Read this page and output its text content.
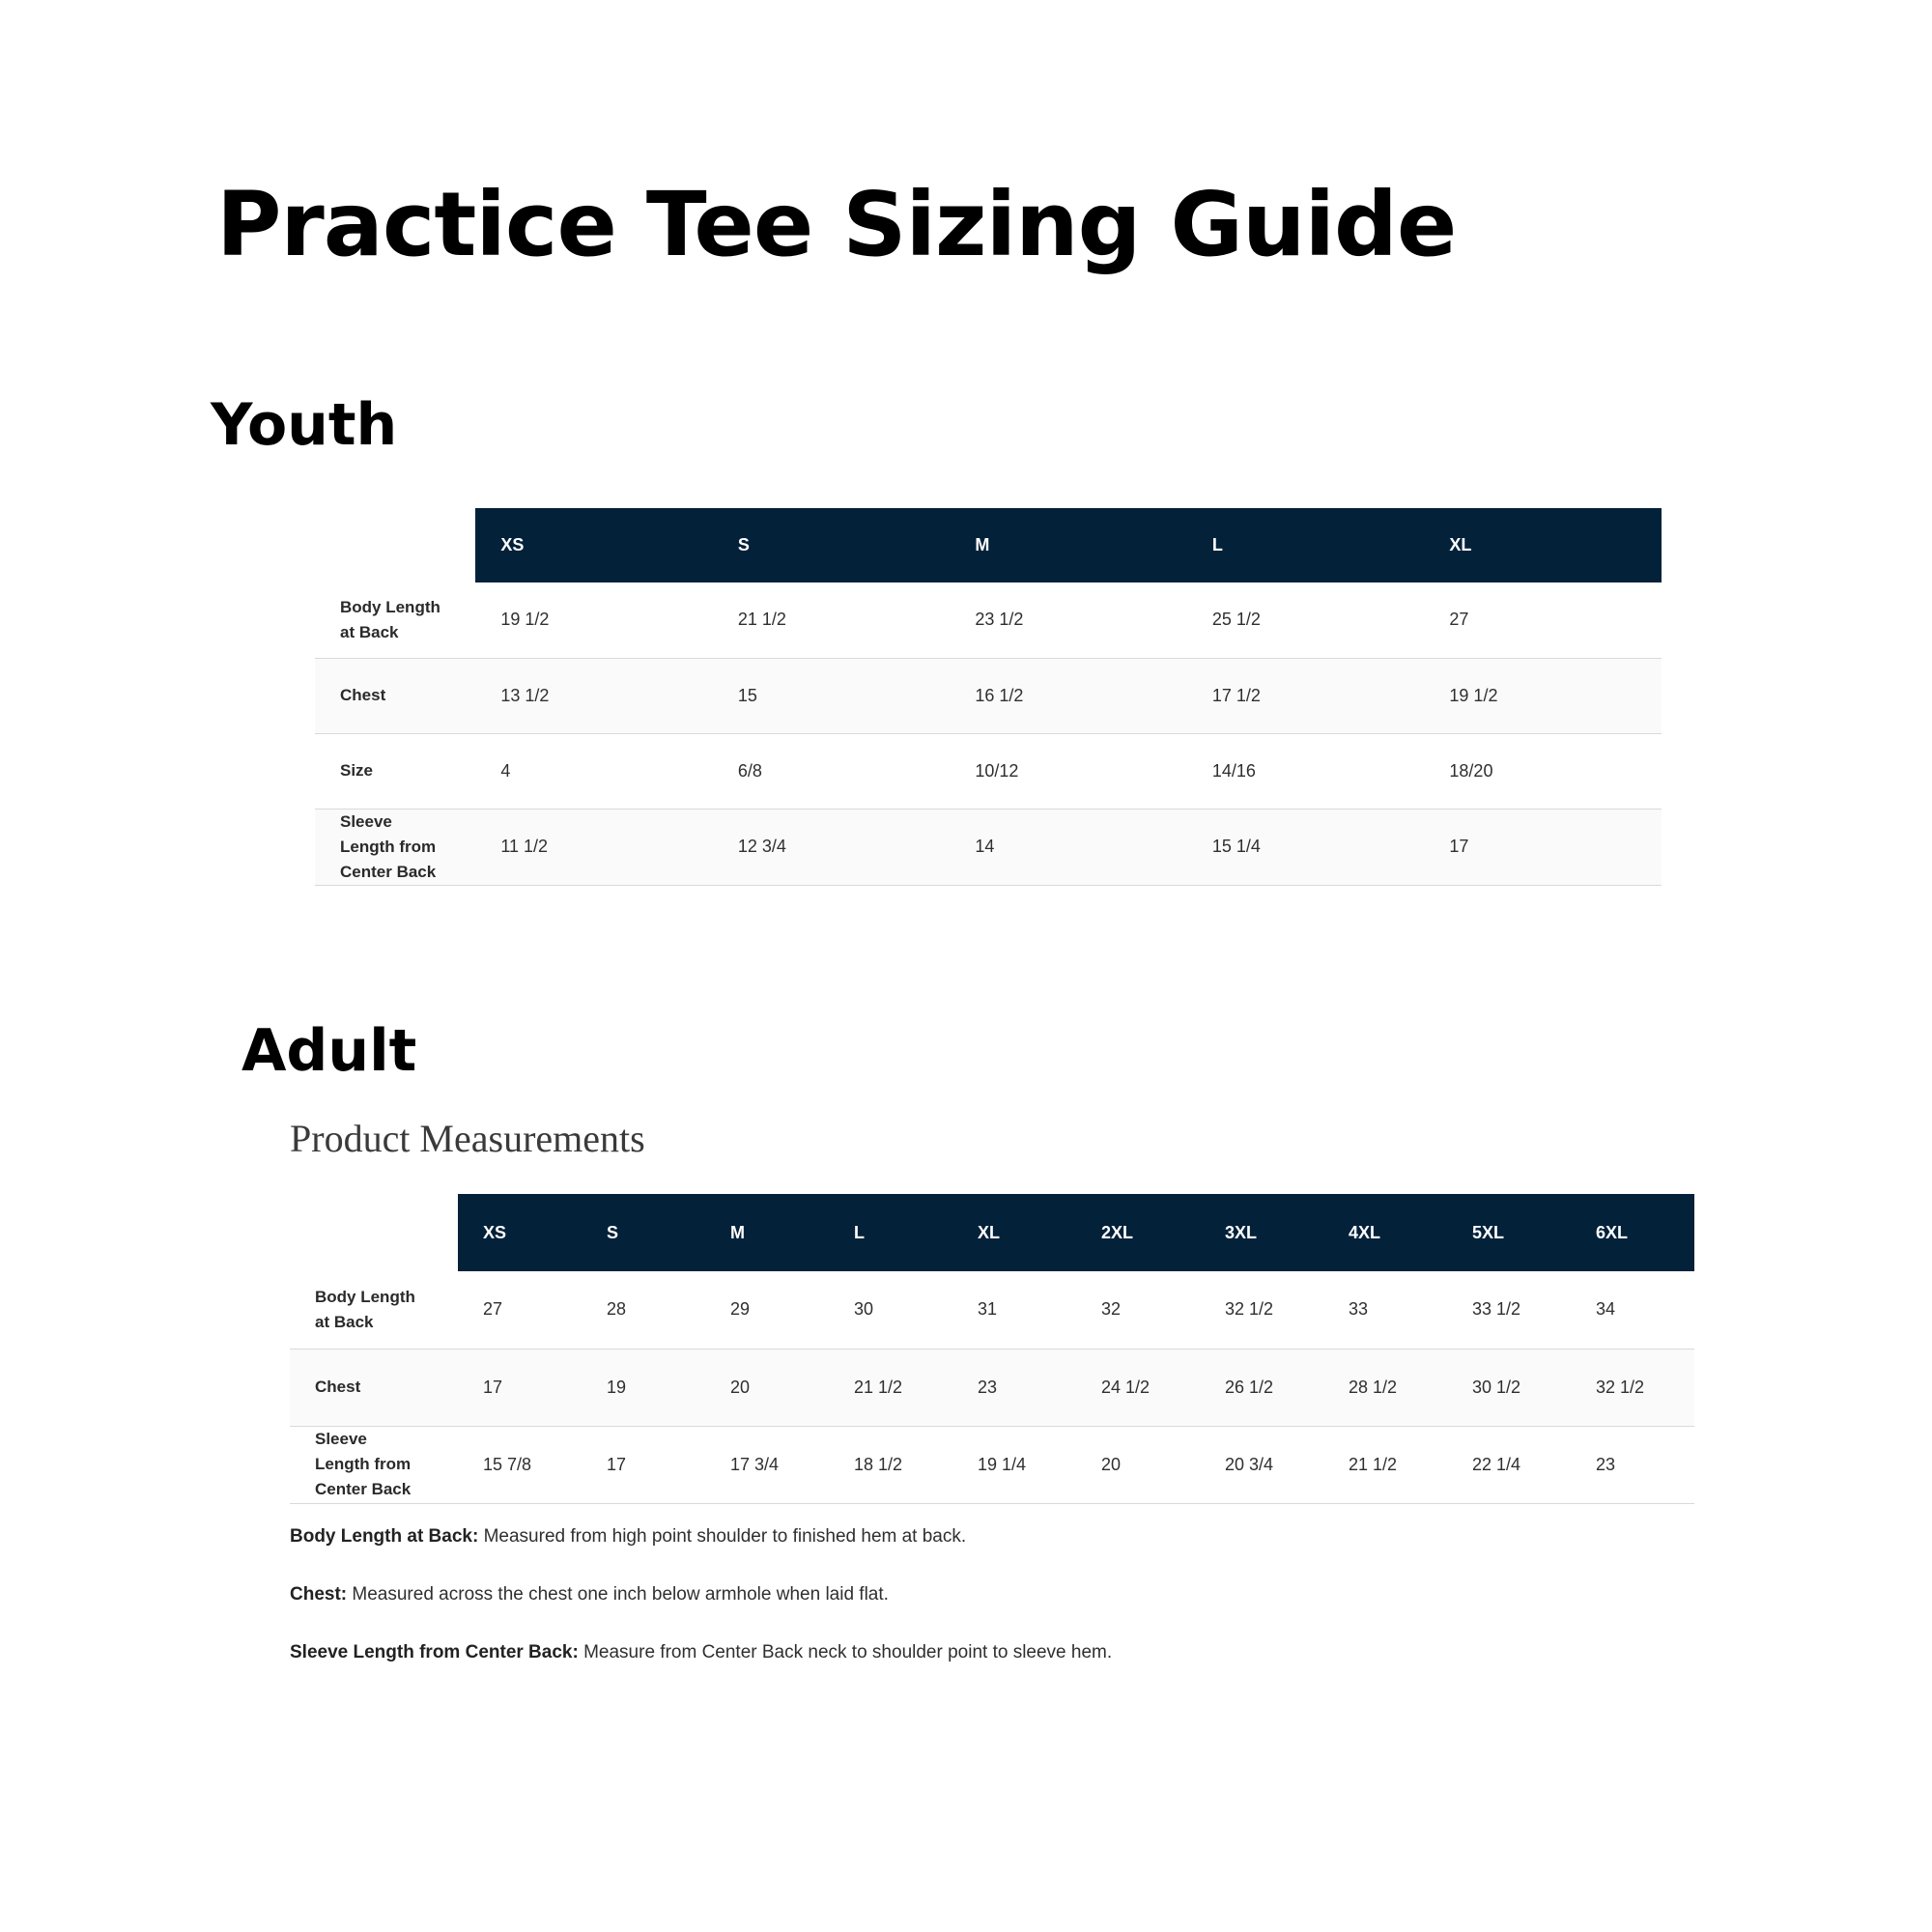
Practice Tee Sizing Guide
Youth
	XS	S	M	L	XL
Body Length
at Back	19 1/2	21 1/2	23 1/2	25 1/2	27
Chest	13 1/2	15	16 1/2	17 1/2	19 1/2
Size	4	6/8	10/12	14/16	18/20
Sleeve
Length from
Center Back	11 1/2	12 3/4	14	15 1/4	17
Adult
Product Measurements
	XS	S	M	L	XL	2XL	3XL	4XL	5XL	6XL
Body Length
at Back	27	28	29	30	31	32	32 1/2	33	33 1/2	34
Chest	17	19	20	21 1/2	23	24 1/2	26 1/2	28 1/2	30 1/2	32 1/2
Sleeve
Length from
Center Back	15 7/8	17	17 3/4	18 1/2	19 1/4	20	20 3/4	21 1/2	22 1/4	23

Body Length at Back: Measured from high point shoulder to finished hem at back.

Chest: Measured across the chest one inch below armhole when laid flat.

Sleeve Length from Center Back: Measure from Center Back neck to shoulder point to sleeve hem.
